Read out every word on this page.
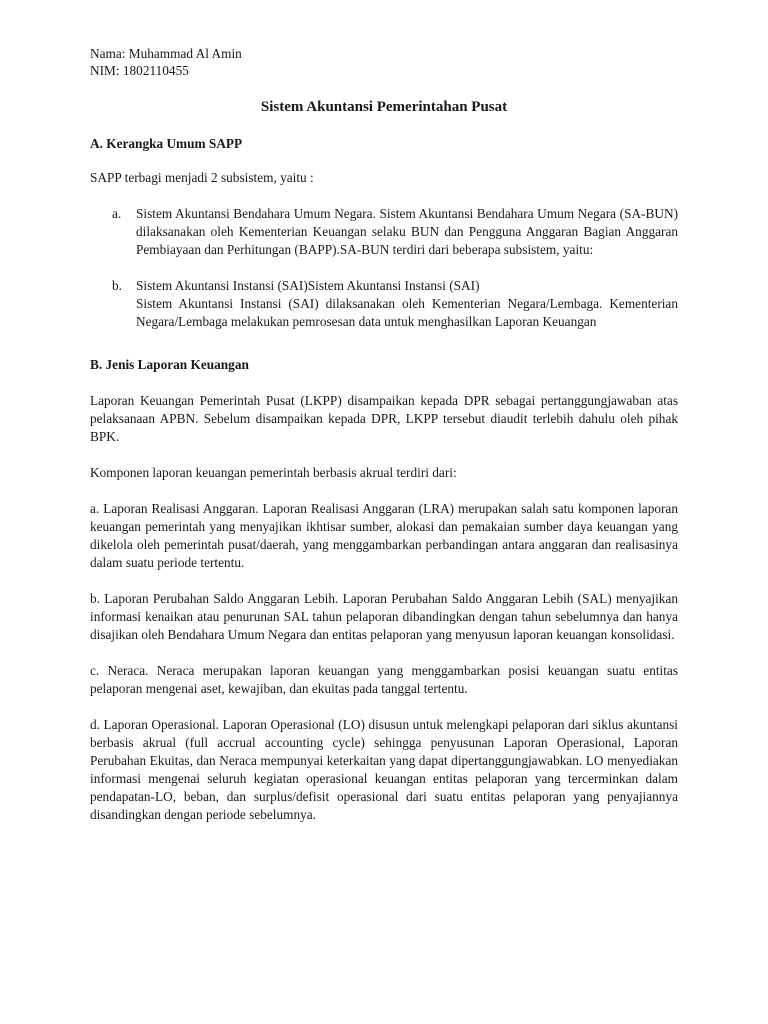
Nama: Muhammad Al Amin

NIM: 1802110455

Sistem Akuntansi Pemerintahan Pusat
A. Kerangka Umum SAPP

SAPP terbagi menjadi 2 subsistem, yaitu :

a. Sistem Akuntansi Bendahara Umum Negara. Sistem Akuntansi Bendahara Umum Negara (SA-BUN) dilaksanakan oleh Kementerian Keuangan selaku BUN dan Pengguna Anggaran Bagian Anggaran Pembiayaan dan Perhitungan (BAPP).SA-BUN terdiri dari beberapa subsistem, yaitu:
b. Sistem Akuntansi Instansi (SAI)Sistem Akuntansi Instansi (SAI)
Sistem Akuntansi Instansi (SAI) dilaksanakan oleh Kementerian Negara/Lembaga. Kementerian Negara/Lembaga melakukan pemrosesan data untuk menghasilkan Laporan Keuangan
B. Jenis Laporan Keuangan

Laporan Keuangan Pemerintah Pusat (LKPP) disampaikan kepada DPR sebagai pertanggungjawaban atas pelaksanaan APBN. Sebelum disampaikan kepada DPR, LKPP tersebut diaudit terlebih dahulu oleh pihak BPK.

Komponen laporan keuangan pemerintah berbasis akrual terdiri dari:

a. Laporan Realisasi Anggaran. Laporan Realisasi Anggaran (LRA) merupakan salah satu komponen laporan keuangan pemerintah yang menyajikan ikhtisar sumber, alokasi dan pemakaian sumber daya keuangan yang dikelola oleh pemerintah pusat/daerah, yang menggambarkan perbandingan antara anggaran dan realisasinya dalam suatu periode tertentu.

b. Laporan Perubahan Saldo Anggaran Lebih. Laporan Perubahan Saldo Anggaran Lebih (SAL) menyajikan informasi kenaikan atau penurunan SAL tahun pelaporan dibandingkan dengan tahun sebelumnya dan hanya disajikan oleh Bendahara Umum Negara dan entitas pelaporan yang menyusun laporan keuangan konsolidasi.

c. Neraca. Neraca merupakan laporan keuangan yang menggambarkan posisi keuangan suatu entitas pelaporan mengenai aset, kewajiban, dan ekuitas pada tanggal tertentu.

d. Laporan Operasional. Laporan Operasional (LO) disusun untuk melengkapi pelaporan dari siklus akuntansi berbasis akrual (full accrual accounting cycle) sehingga penyusunan Laporan Operasional, Laporan Perubahan Ekuitas, dan Neraca mempunyai keterkaitan yang dapat dipertanggungjawabkan. LO menyediakan informasi mengenai seluruh kegiatan operasional keuangan entitas pelaporan yang tercerminkan dalam pendapatan-LO, beban, dan surplus/defisit operasional dari suatu entitas pelaporan yang penyajiannya disandingkan dengan periode sebelumnya.
